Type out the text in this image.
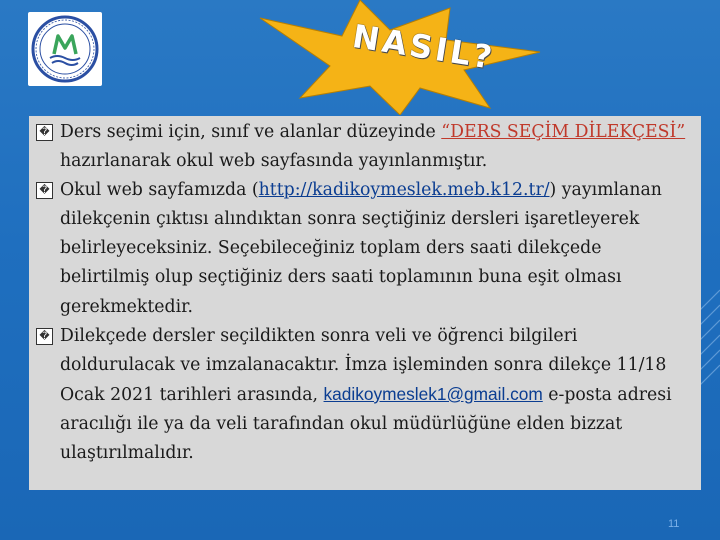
NASIL?
� Ders seçimi için, sınıf ve alanlar düzeyinde “DERS SEÇİM DİLEKÇESİ” hazırlanarak okul web sayfasında yayınlanmıştır.
� Okul web sayfamızda (http://kadikoymeslek.meb.k12.tr/) yayımlanan dilekçenin çıktısı alındıktan sonra seçtiğiniz dersleri işaretleyerek belirleyeceksiniz. Seçebileceğiniz toplam ders saati dilekçede belirtilmiş olup seçtiğiniz ders saati toplamının buna eşit olması gerekmektedir.
� Dilekçede dersler seçildikten sonra veli ve öğrenci bilgileri doldurulacak ve imzalanacaktır. İmza işleminden sonra dilekçe 11/18 Ocak 2021 tarihleri arasında, kadikoymeslek1@gmail.com e-posta adresi aracılığı ile ya da veli tarafından okul müdürlüğüne elden bizzat ulaştırılmalıdır.
11
